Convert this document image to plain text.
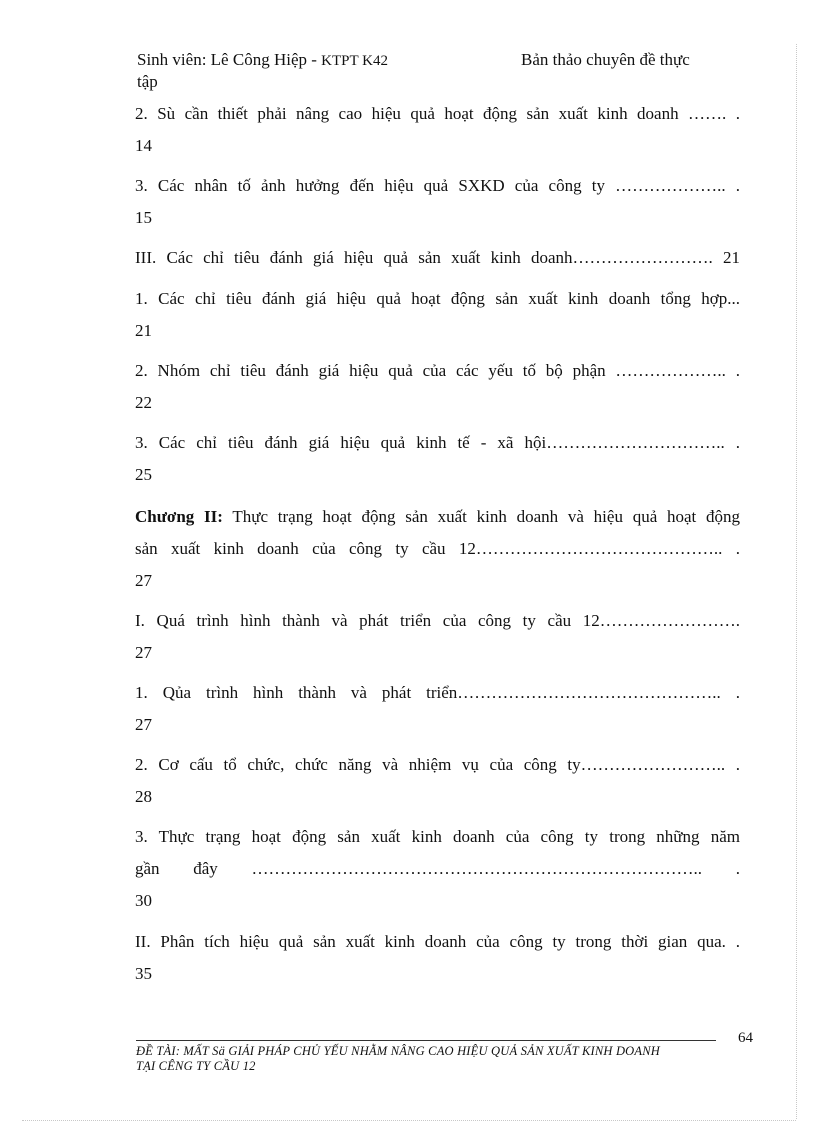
Sinh viên: Lê Công Hiệp - KTPT K42	Bản thảo chuyên đề thực
tập
2. Sù cần thiết phải nâng cao hiệu quả hoạt động sản xuất kinh doanh ……. .
14
3. Các nhân tố ảnh hưởng đến hiệu quả SXKD của công ty ……………….. .
15
III. Các chỉ tiêu đánh giá hiệu quả sản xuất kinh doanh……………………. 21
1. Các chỉ tiêu đánh giá hiệu quả hoạt động sản xuất kinh doanh tổng hợp...
21
2. Nhóm chỉ tiêu đánh giá hiệu quả của các yếu tố bộ phận ……………….. .
22
3. Các chỉ tiêu đánh giá hiệu quả kinh tế - xã hội………………………….. .
25
Chương II: Thực trạng hoạt động sản xuất kinh doanh và hiệu quả hoạt động
sản xuất kinh doanh của công ty cầu 12…………………………………….. .
27
I. Quá trình hình thành và phát triển của công ty cầu 12…………………….
27
1. Qủa trình hình thành và phát triển……………………………………….. .
27
2. Cơ cấu tổ chức, chức năng và nhiệm vụ của công ty…………………….. .
28
3. Thực trạng hoạt động sản xuất kinh doanh của công ty trong những năm
gần đây …………………………………………………………………….. .
30
II. Phân tích hiệu quả sản xuất kinh doanh của công ty trong thời gian qua. .
35
64
ĐỀ TÀI: MẤT Sä GIẢI PHÁP CHỦ YẾU NHẰM NÂNG CAO HIỆU QUẢ SẢN XUẤT KINH DOANH
TẠI CÊNG TY CẦU 12
